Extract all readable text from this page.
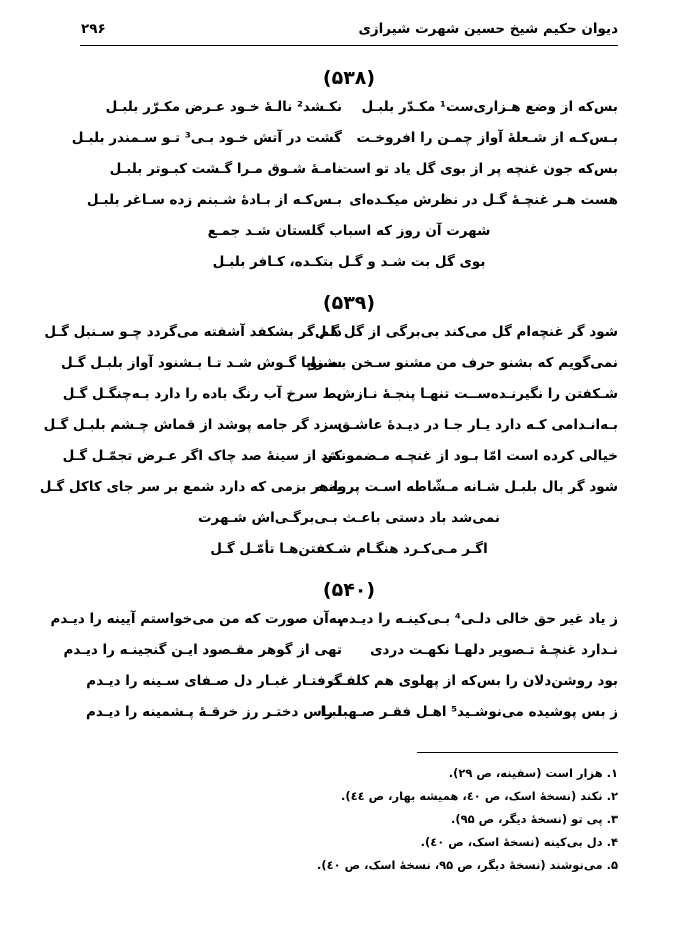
دیوان حکیم شیخ حسین شهرت شیرازی
۲۹۶
(۵۳۸)
بس‌که از وضع هـزاری‌ست¹ مکـدّر بلبـل
نکـشد² نالـهٔ خـود عـرض مکـرّر بلبـل
بـس‌کـه از شـعلهٔ آواز چمـن را افروخـت
گشت در آتش خـود بـی³ تـو سـمندر بلبـل
بس‌که جون غنچه پر از بوی گل یاد تو است
نامـهٔ شـوق مـرا گـشت کبـوتر بلبـل
هست هـر غنچـهٔ گـل در نظرش میکـده‌ای
بـس‌کـه از بـادهٔ شـبنم زده سـاغر بلبـل
شهرت آن روز که اسباب گلستان شـد جمـع
بوی گل بت شـد و گـل بتکـده، کـافر بلبـل
(۵۳۹)
شود گر غنچه‌ام گل می‌کند بی‌برگی از گل گـل
دلم گر بشکفد آشفته می‌گردد چـو سـنبل گـل
نمی‌گویم که بشنو حرف من مشنو سـخن بـشنو
سـراپا گـوش شـد تـا بـشنود آواز بلبـل گـل
شـکفتن را نگیرنـده‌ســت تنهـا پنجـهٔ نـازش
بط سرخ آب رنگ باده را دارد بـه‌چنگـل گـل
بـه‌انـدامی کـه دارد یـار جـا در دیـدهٔ عاشـق
سزد گر جامه پوشد از قماش چـشم بلبـل گـل
خیالی کرده است امّا بـود از غنچـه مـضمونش
کند از سینهٔ صد چاک اگر عـرض تجمّـل گـل
شود گر بال بلبـل شـانه مـشّاطه اسـت پروانـه
به‌هر بزمی که دارد شمع بر سر جای کاکل گـل
نمی‌شد باد دستی باعـث بـی‌برگـی‌اش شـهرت
اگـر مـی‌کـرد هنگـام شـکفتن‌هـا تأمّـل گـل
(۵۴۰)
ز یاد غیر حق خالی دلـی⁴ بـی‌کینـه را دیـدم
به‌آن صورت که من می‌خواستم آیینه را دیـدم
نـدارد غنچـهٔ تـصویر دلهـا نکهـت دردی
تهی از گوهر مقـصود ایـن گنجینـه را دیـدم
بود روشن‌دلان را بس‌که از پهلوی هم کلفـت
گرفتـار غبـار دل صـفای سـینه را دیـدم
ز بس پوشیده می‌نوشـید⁵ اهـل فقـر صـهبا را
لبـاس دختـر رز خرقـهٔ پـشمینه را دیـدم
۱. هزار است (سفینه، ص ۲۹).
۲. نکند (نسخهٔ اسک، ص ٤۰، همیشه بهار، ص ٤٤).
۳. پی تو (نسخهٔ دیگر، ص ۹۵).
۴. دل بی‌کینه (نسخهٔ اسک، ص ٤۰).
۵. می‌نوشند (نسخهٔ دیگر، ص ۹۵، نسخهٔ اسک، ص ٤۰).
